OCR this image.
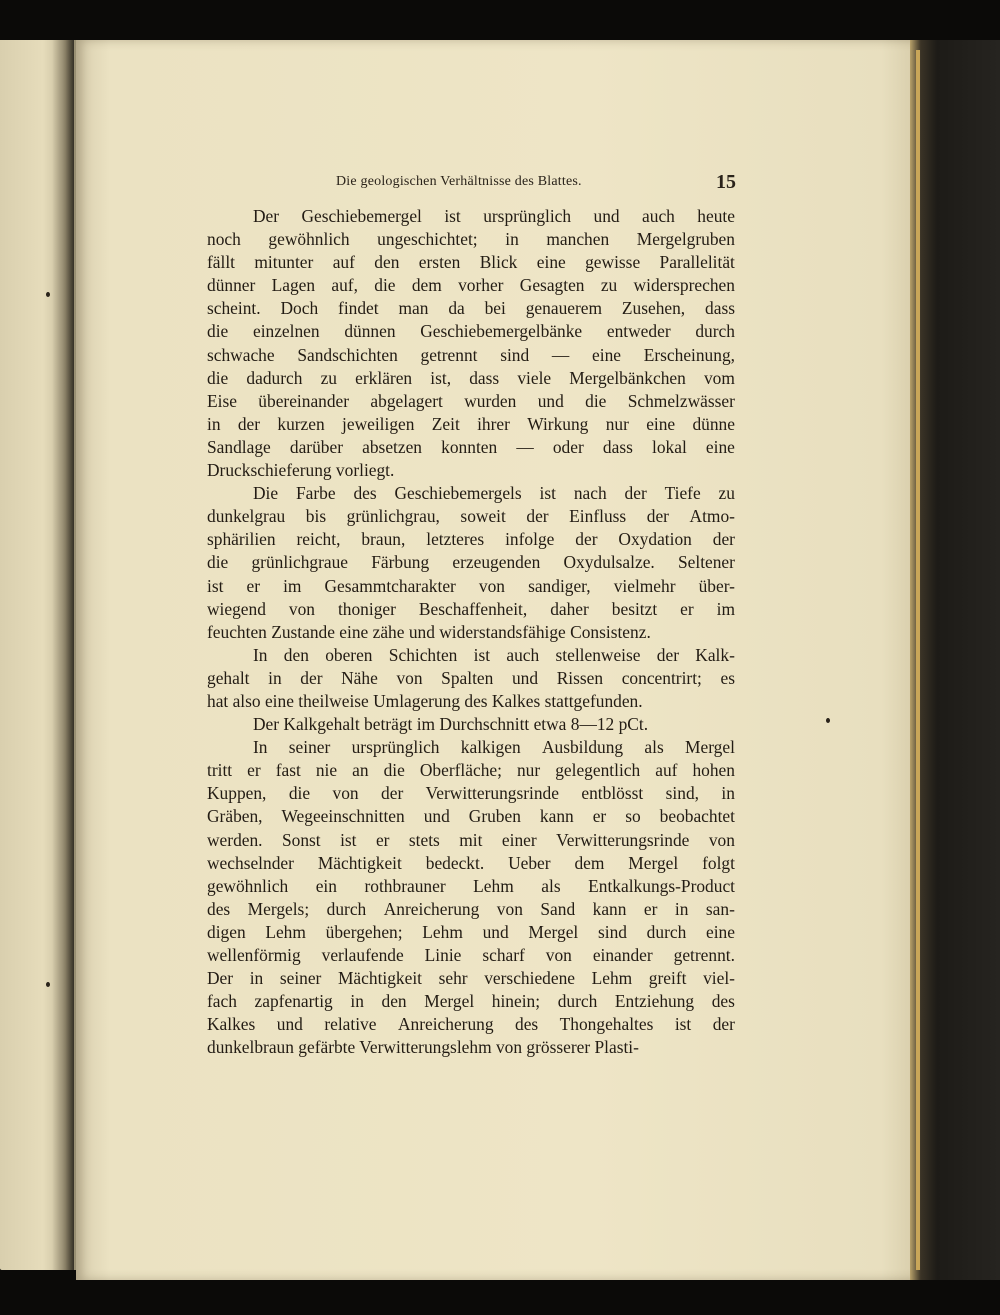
Die geologischen Verhältnisse des Blattes.	15
Der Geschiebemergel ist ursprünglich und auch heute
noch gewöhnlich ungeschichtet; in manchen Mergelgruben
fällt mitunter auf den ersten Blick eine gewisse Parallelität
dünner Lagen auf, die dem vorher Gesagten zu widersprechen
scheint. Doch findet man da bei genauerem Zusehen, dass
die einzelnen dünnen Geschiebemergelbänke entweder durch
schwache Sandschichten getrennt sind — eine Erscheinung,
die dadurch zu erklären ist, dass viele Mergelbänkchen vom
Eise übereinander abgelagert wurden und die Schmelzwässer
in der kurzen jeweiligen Zeit ihrer Wirkung nur eine dünne
Sandlage darüber absetzen konnten — oder dass lokal eine
Druckschieferung vorliegt.
Die Farbe des Geschiebemergels ist nach der Tiefe zu
dunkelgrau bis grünlichgrau, soweit der Einfluss der Atmo-
sphärilien reicht, braun, letzteres infolge der Oxydation der
die grünlichgraue Färbung erzeugenden Oxydulsalze. Seltener
ist er im Gesammtcharakter von sandiger, vielmehr über-
wiegend von thoniger Beschaffenheit, daher besitzt er im
feuchten Zustande eine zähe und widerstandsfähige Consistenz.
In den oberen Schichten ist auch stellenweise der Kalk-
gehalt in der Nähe von Spalten und Rissen concentrirt; es
hat also eine theilweise Umlagerung des Kalkes stattgefunden.
Der Kalkgehalt beträgt im Durchschnitt etwa 8—12 pCt.
In seiner ursprünglich kalkigen Ausbildung als Mergel
tritt er fast nie an die Oberfläche; nur gelegentlich auf hohen
Kuppen, die von der Verwitterungsrinde entblösst sind, in
Gräben, Wegeeinschnitten und Gruben kann er so beobachtet
werden. Sonst ist er stets mit einer Verwitterungsrinde von
wechselnder Mächtigkeit bedeckt. Ueber dem Mergel folgt
gewöhnlich ein rothbrauner Lehm als Entkalkungs-Product
des Mergels; durch Anreicherung von Sand kann er in san-
digen Lehm übergehen; Lehm und Mergel sind durch eine
wellenförmig verlaufende Linie scharf von einander getrennt.
Der in seiner Mächtigkeit sehr verschiedene Lehm greift viel-
fach zapfenartig in den Mergel hinein; durch Entziehung des
Kalkes und relative Anreicherung des Thongehaltes ist der
dunkelbraun gefärbte Verwitterungslehm von grösserer Plasti-
